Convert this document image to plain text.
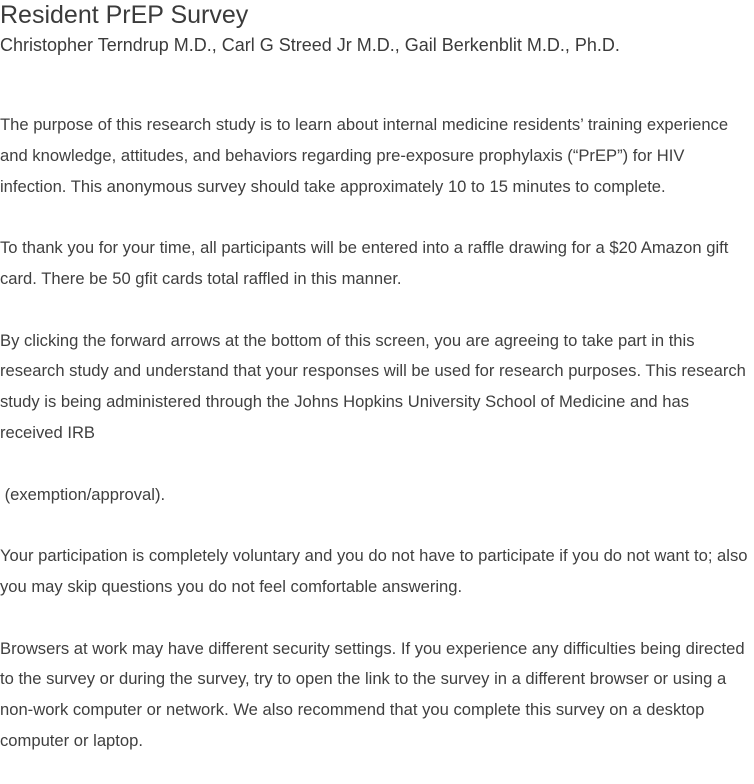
Resident PrEP Survey
Christopher Terndrup M.D., Carl G Streed Jr M.D., Gail Berkenblit M.D., Ph.D.

The purpose of this research study is to learn about internal medicine residents’ training experience and knowledge, attitudes, and behaviors regarding pre-exposure prophylaxis (“PrEP”) for HIV infection. This anonymous survey should take approximately 10 to 15 minutes to complete.

To thank you for your time, all participants will be entered into a raffle drawing for a $20 Amazon gift card. There be 50 gfit cards total raffled in this manner.

By clicking the forward arrows at the bottom of this screen, you are agreeing to take part in this research study and understand that your responses will be used for research purposes. This research study is being administered through the Johns Hopkins University School of Medicine and has received IRB

(exemption/approval).

Your participation is completely voluntary and you do not have to participate if you do not want to; also you may skip questions you do not feel comfortable answering.

Browsers at work may have different security settings. If you experience any difficulties being directed to the survey or during the survey, try to open the link to the survey in a different browser or using a non-work computer or network. We also recommend that you complete this survey on a desktop computer or laptop.
